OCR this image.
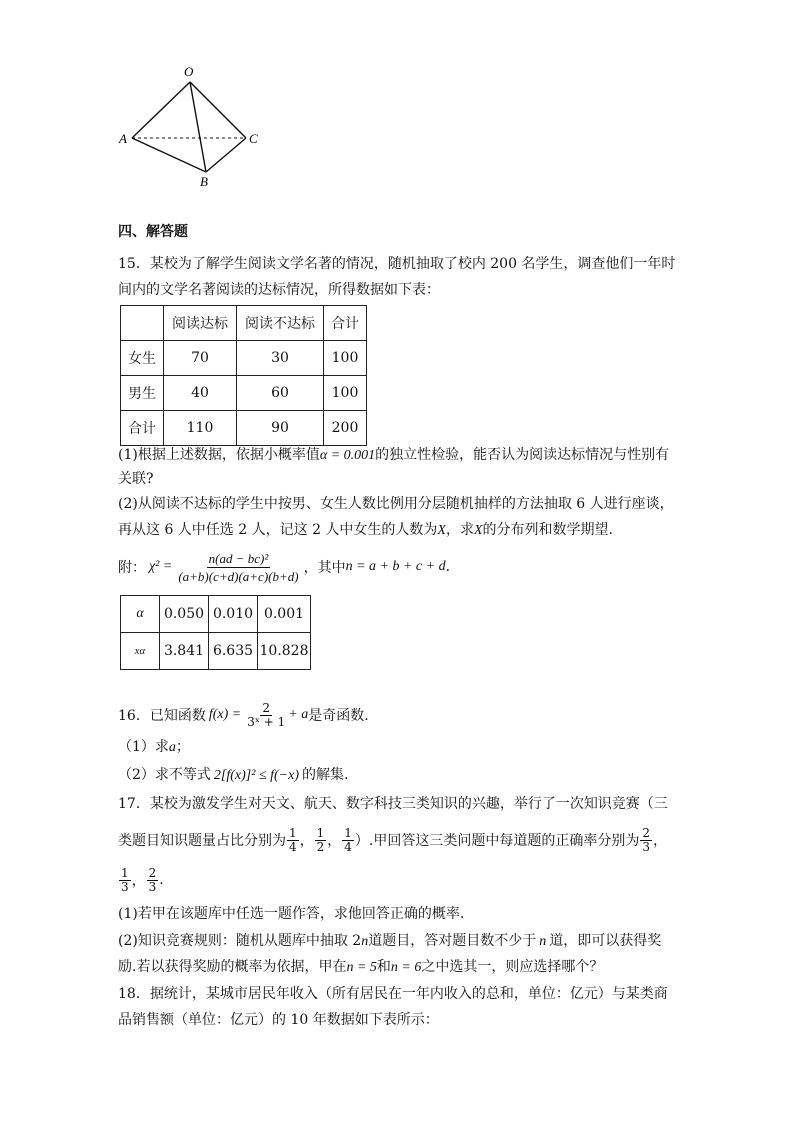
O
A	C
B
四、解答题
15．某校为了解学生阅读文学名著的情况，随机抽取了校内 200 名学生，调查他们一年时
间内的文学名著阅读的达标情况，所得数据如下表：
	阅读达标	阅读不达标	合计
女生	70	30	100
男生	40	60	100
合计	110	90	200
(1)根据上述数据，依据小概率值α = 0.001的独立性检验，能否认为阅读达标情况与性别有
关联?
(2)从阅读不达标的学生中按男、女生人数比例用分层随机抽样的方法抽取 6 人进行座谈，
再从这 6 人中任选 2 人，记这 2 人中女生的人数为X，求X的分布列和数学期望.
附： $\chi^2 = \frac{\text{n(ad − bc)²}}{(a+b)(c+d)(a+c)(b+d)}$ ，其中 n = a + b + c + d .
α	0.050	0.010	0.001
xα	3.841	6.635	10.828
16．已知函数 $f(x) = \frac{2}{\text{3ˣ + 1}} + a$ 是奇函数.
（1）求a；
（2）求不等式 2[f(x)]² ≤ f(−x) 的解集.
17．某校为激发学生对天文、航天、数字科技三类知识的兴趣，举行了一次知识竞赛（三
类题目知识题量占比分别为 $\frac{1}{4}$ ， $\frac{1}{2}$ ， $\frac{1}{4}$ ）.甲回答这三类问题中每道题的正确率分别为 $\frac{2}{3}$ ，
$\frac{1}{3}$ ， $\frac{2}{3}$ .
(1)若甲在该题库中任选一题作答，求他回答正确的概率.
(2)知识竞赛规则：随机从题库中抽取 2n道题目，答对题目数不少于 n 道，即可以获得奖
励.若以获得奖励的概率为依据，甲在n = 5和n = 6之中选其一，则应选择哪个？
18．据统计，某城市居民年收入（所有居民在一年内收入的总和，单位：亿元）与某类商
品销售额（单位：亿元）的 10 年数据如下表所示：
